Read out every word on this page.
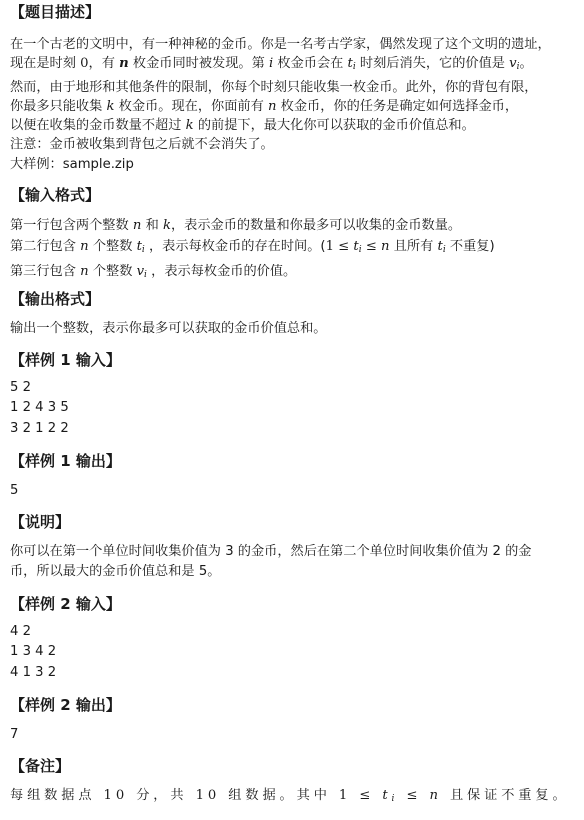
【题目描述】
在一个古老的文明中，有一种神秘的金币。你是一名考古学家，偶然发现了这个文明的遗址，
现在是时刻 0，有 n 枚金币同时被发现。第 i 枚金币会在 $t_i$ 时刻后消失，它的价值是 $v_i$。
然而，由于地形和其他条件的限制，你每个时刻只能收集一枚金币。此外，你的背包有限，
你最多只能收集 k 枚金币。现在，你面前有 n 枚金币，你的任务是确定如何选择金币，
以便在收集的金币数量不超过 k 的前提下，最大化你可以获取的金币价值总和。
注意：金币被收集到背包之后就不会消失了。
大样例：sample.zip
【输入格式】
第一行包含两个整数 n 和 k，表示金币的数量和你最多可以收集的金币数量。
第二行包含 n 个整数 $t_i$ ，表示每枚金币的存在时间。($1 \le t_i \le n$ 且所有 $t_i$ 不重复)
第三行包含 n 个整数 $v_i$ ，表示每枚金币的价值。
【输出格式】
输出一个整数，表示你最多可以获取的金币价值总和。
【样例 1 输入】
5 2
1 2 4 3 5
3 2 1 2 2
【样例 1 输出】
5
【说明】
你可以在第一个单位时间收集价值为 3 的金币，然后在第二个单位时间收集价值为 2 的金
币，所以最大的金币价值总和是 5。
【样例 2 输入】
4 2
1 3 4 2
4 1 3 2
【样例 2 输出】
7
【备注】
每组数据点 10 分，共 10 组数据。其中 $1 \le t_i \le n$ 且保证不重复。
